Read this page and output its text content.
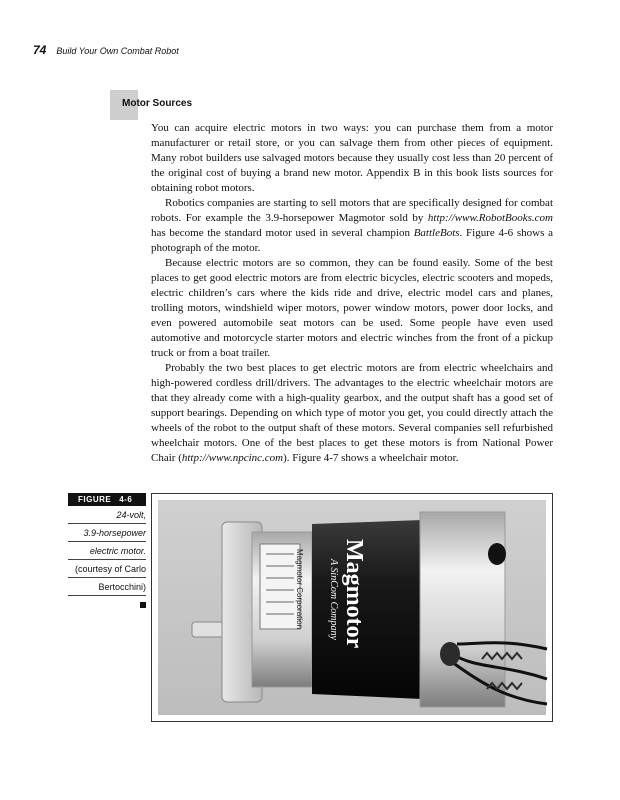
74 Build Your Own Combat Robot
Motor Sources

You can acquire electric motors in two ways: you can purchase them from a motor manufacturer or retail store, or you can salvage them from other pieces of equipment. Many robot builders use salvaged motors because they usually cost less than 20 percent of the original cost of buying a brand new motor. Appendix B in this book lists sources for obtaining robot motors.

Robotics companies are starting to sell motors that are specifically designed for combat robots. For example the 3.9-horsepower Magmotor sold by http://www.RobotBooks.com has become the standard motor used in several champion BattleBots. Figure 4-6 shows a photograph of the motor.

Because electric motors are so common, they can be found easily. Some of the best places to get good electric motors are from electric bicycles, electric scooters and mopeds, electric children’s cars where the kids ride and drive, electric model cars and planes, trolling motors, windshield wiper motors, power window motors, power door locks, and even powered automobile seat motors can be used. Some people have even used automotive and motorcycle starter motors and electric winches from the front of a pickup truck or from a boat trailer.

Probably the two best places to get electric motors are from electric wheelchairs and high-powered cordless drill/drivers. The advantages to the electric wheelchair motors are that they already come with a high-quality gearbox, and the output shaft has a good set of support bearings. Depending on which type of motor you get, you could directly attach the wheels of the robot to the output shaft of these motors. Several companies sell refurbished wheelchair motors. One of the best places to get these motors is from National Power Chair (http://www.npcinc.com). Figure 4-7 shows a wheelchair motor.

FIGURE 4-6
24-volt,
3.9-horsepower
electric motor.
(courtesy of Carlo
Bertocchini)	Magmotor Corporation Magmotor
A SinCom Company
